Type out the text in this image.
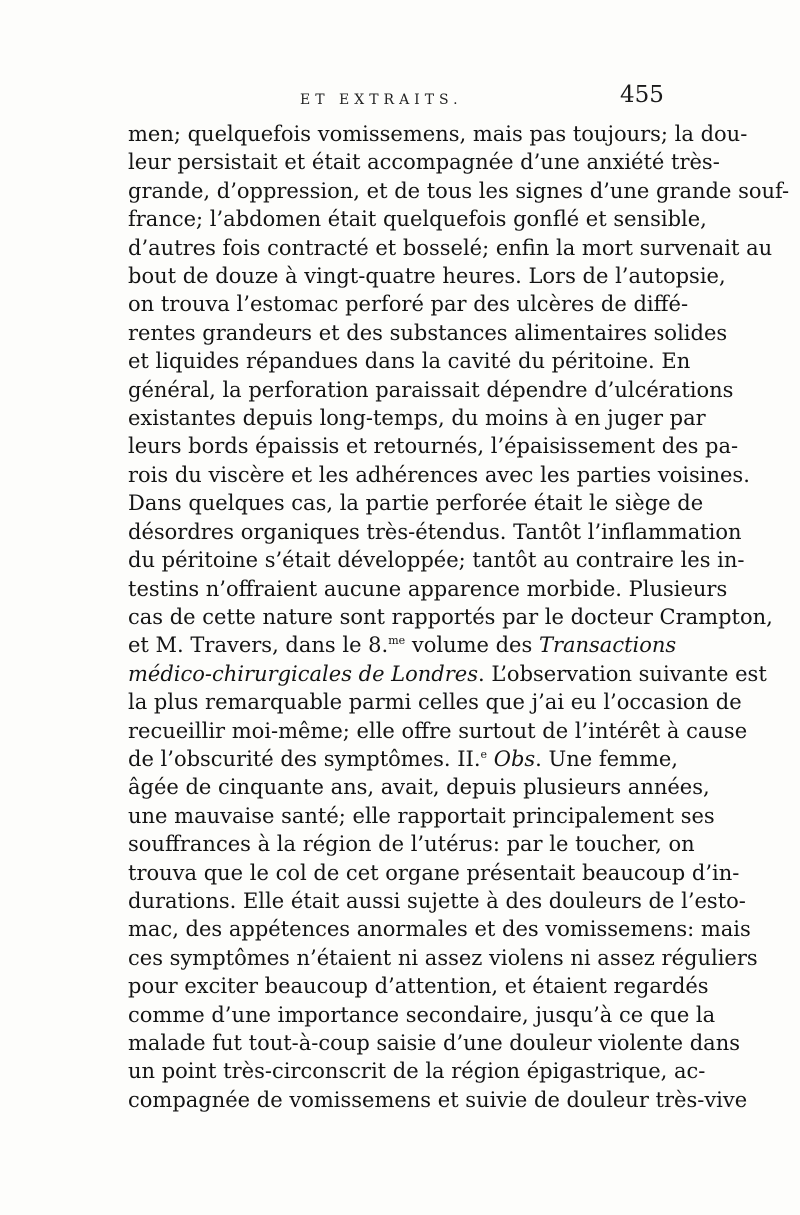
ET EXTRAITS.	455
men; quelquefois vomissemens, mais pas toujours; la dou-
leur persistait et était accompagnée d’une anxiété très-
grande, d’oppression, et de tous les signes d’une grande souf-
france; l’abdomen était quelquefois gonflé et sensible,
d’autres fois contracté et bosselé; enfin la mort survenait au
bout de douze à vingt-quatre heures. Lors de l’autopsie,
on trouva l’estomac perforé par des ulcères de diffé-
rentes grandeurs et des substances alimentaires solides
et liquides répandues dans la cavité du péritoine. En
général, la perforation paraissait dépendre d’ulcérations
existantes depuis long-temps, du moins à en juger par
leurs bords épaissis et retournés, l’épaisissement des pa-
rois du viscère et les adhérences avec les parties voisines.
Dans quelques cas, la partie perforée était le siège de
désordres organiques très-étendus. Tantôt l’inflammation
du péritoine s’était développée; tantôt au contraire les in-
testins n’offraient aucune apparence morbide. Plusieurs
cas de cette nature sont rapportés par le docteur Crampton,
et M. Travers, dans le 8.$^{me}$ volume des Transactions
médico-chirurgicales de Londres. L’observation suivante est
la plus remarquable parmi celles que j’ai eu l’occasion de
recueillir moi-même; elle offre surtout de l’intérêt à cause
de l’obscurité des symptômes. II.$^e$ Obs. Une femme,
âgée de cinquante ans, avait, depuis plusieurs années,
une mauvaise santé; elle rapportait principalement ses
souffrances à la région de l’utérus: par le toucher, on
trouva que le col de cet organe présentait beaucoup d’in-
durations. Elle était aussi sujette à des douleurs de l’esto-
mac, des appétences anormales et des vomissemens: mais
ces symptômes n’étaient ni assez violens ni assez réguliers
pour exciter beaucoup d’attention, et étaient regardés
comme d’une importance secondaire, jusqu’à ce que la
malade fut tout-à-coup saisie d’une douleur violente dans
un point très-circonscrit de la région épigastrique, ac-
compagnée de vomissemens et suivie de douleur très-vive
